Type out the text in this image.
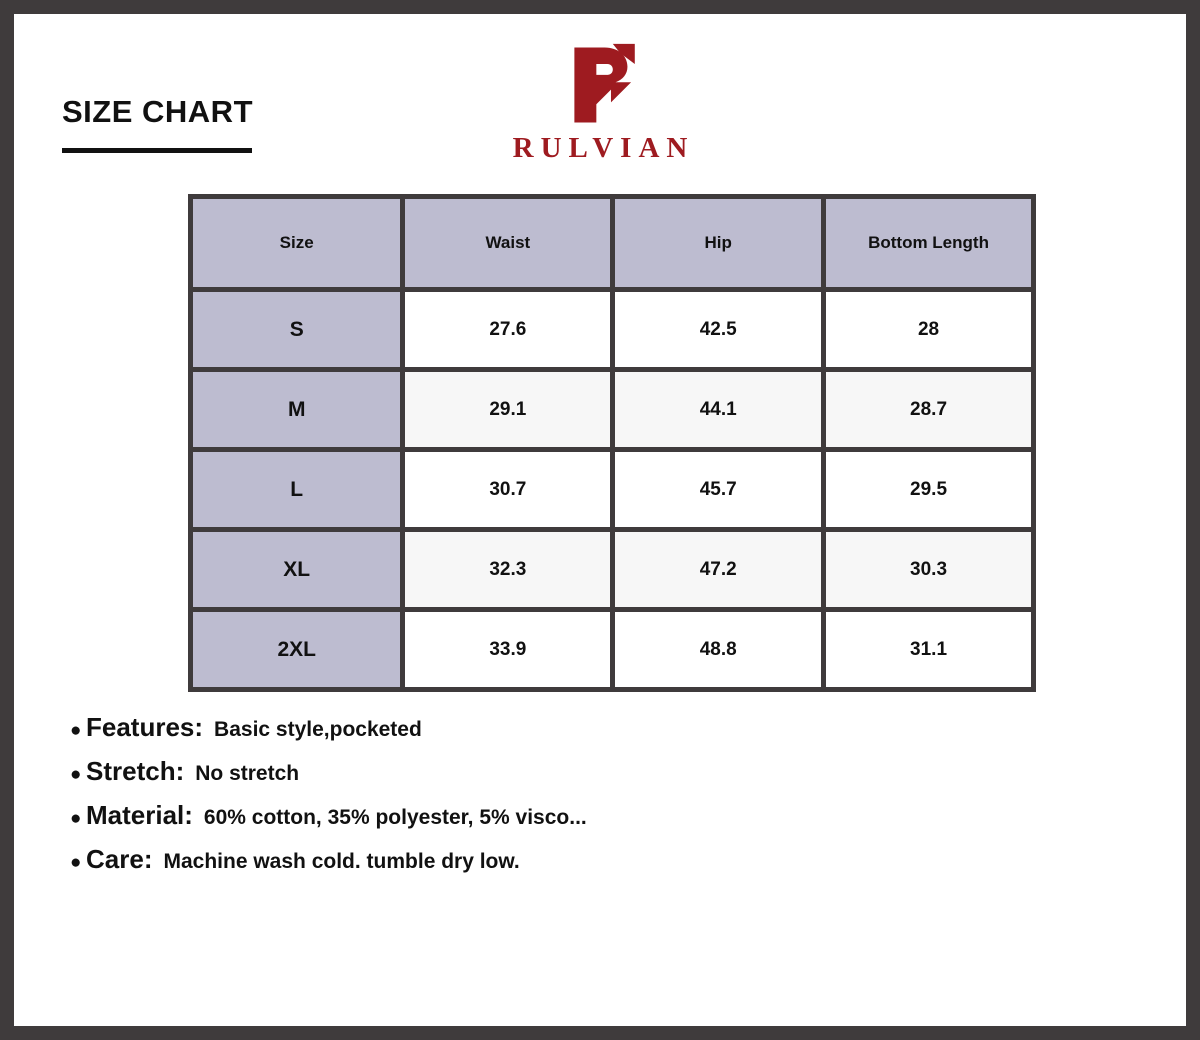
SIZE CHART
RULVIAN
Size	Waist	Hip	Bottom Length
S	27.6	42.5	28
M	29.1	44.1	28.7
L	30.7	45.7	29.5
XL	32.3	47.2	30.3
2XL	33.9	48.8	31.1
● Features: Basic style,pocketed
● Stretch: No stretch
● Material: 60% cotton, 35% polyester, 5% visco...
● Care: Machine wash cold. tumble dry low.
